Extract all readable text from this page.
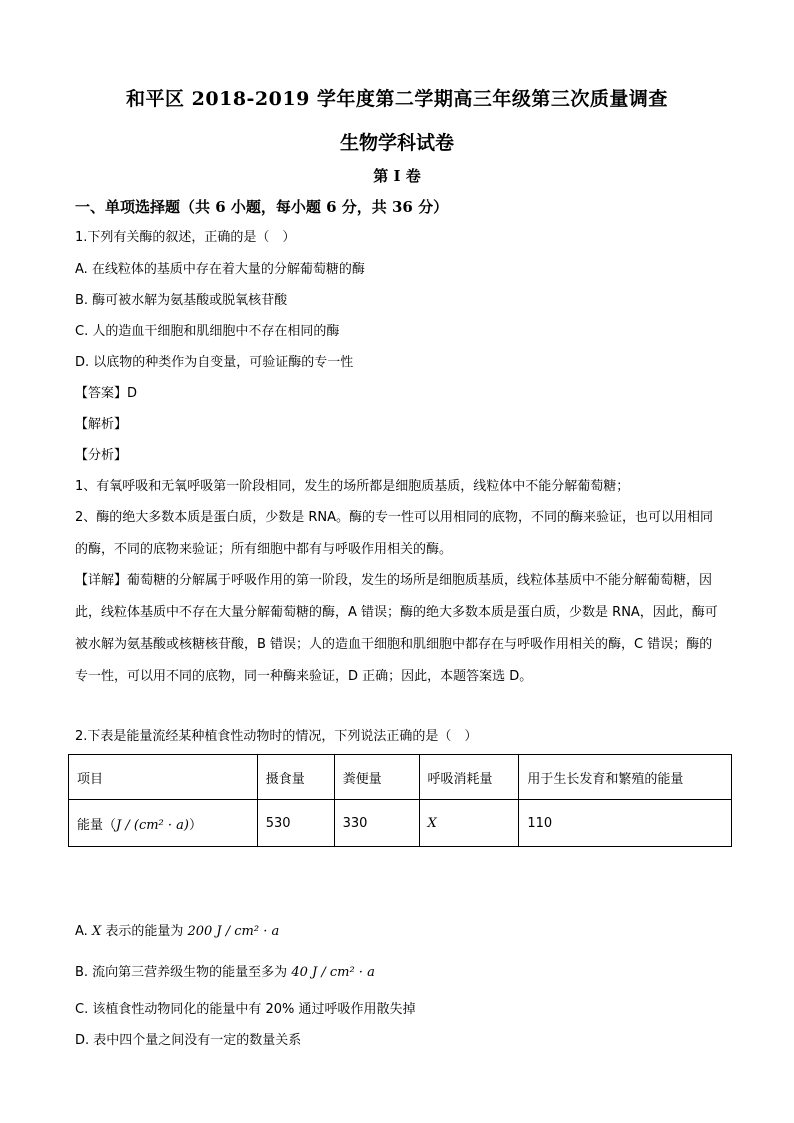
和平区 2018-2019 学年度第二学期高三年级第三次质量调查
生物学科试卷
第 I 卷
一、单项选择题（共 6 小题，每小题 6 分，共 36 分）
1.下列有关酶的叙述，正确的是（　）
A. 在线粒体的基质中存在着大量的分解葡萄糖的酶
B. 酶可被水解为氨基酸或脱氧核苷酸
C. 人的造血干细胞和肌细胞中不存在相同的酶
D. 以底物的种类作为自变量，可验证酶的专一性
【答案】D
【解析】
【分析】
1、有氧呼吸和无氧呼吸第一阶段相同，发生的场所都是细胞质基质，线粒体中不能分解葡萄糖；
2、酶的绝大多数本质是蛋白质，少数是 RNA。酶的专一性可以用相同的底物，不同的酶来验证，也可以用相同的酶，不同的底物来验证；所有细胞中都有与呼吸作用相关的酶。
【详解】葡萄糖的分解属于呼吸作用的第一阶段，发生的场所是细胞质基质，线粒体基质中不能分解葡萄糖，因此，线粒体基质中不存在大量分解葡萄糖的酶，A 错误；酶的绝大多数本质是蛋白质，少数是 RNA，因此，酶可被水解为氨基酸或核糖核苷酸，B 错误；人的造血干细胞和肌细胞中都存在与呼吸作用相关的酶，C 错误；酶的专一性，可以用不同的底物，同一种酶来验证，D 正确；因此，本题答案选 D。
2.下表是能量流经某种植食性动物时的情况，下列说法正确的是（　）
项目	摄食量	粪便量	呼吸消耗量	用于生长发育和繁殖的能量
能量（J / (cm² · a)）	530	330	X	110
A. X 表示的能量为 200 J / cm² · a
B. 流向第三营养级生物的能量至多为 40 J / cm² · a
C. 该植食性动物同化的能量中有 20% 通过呼吸作用散失掉
D. 表中四个量之间没有一定的数量关系
